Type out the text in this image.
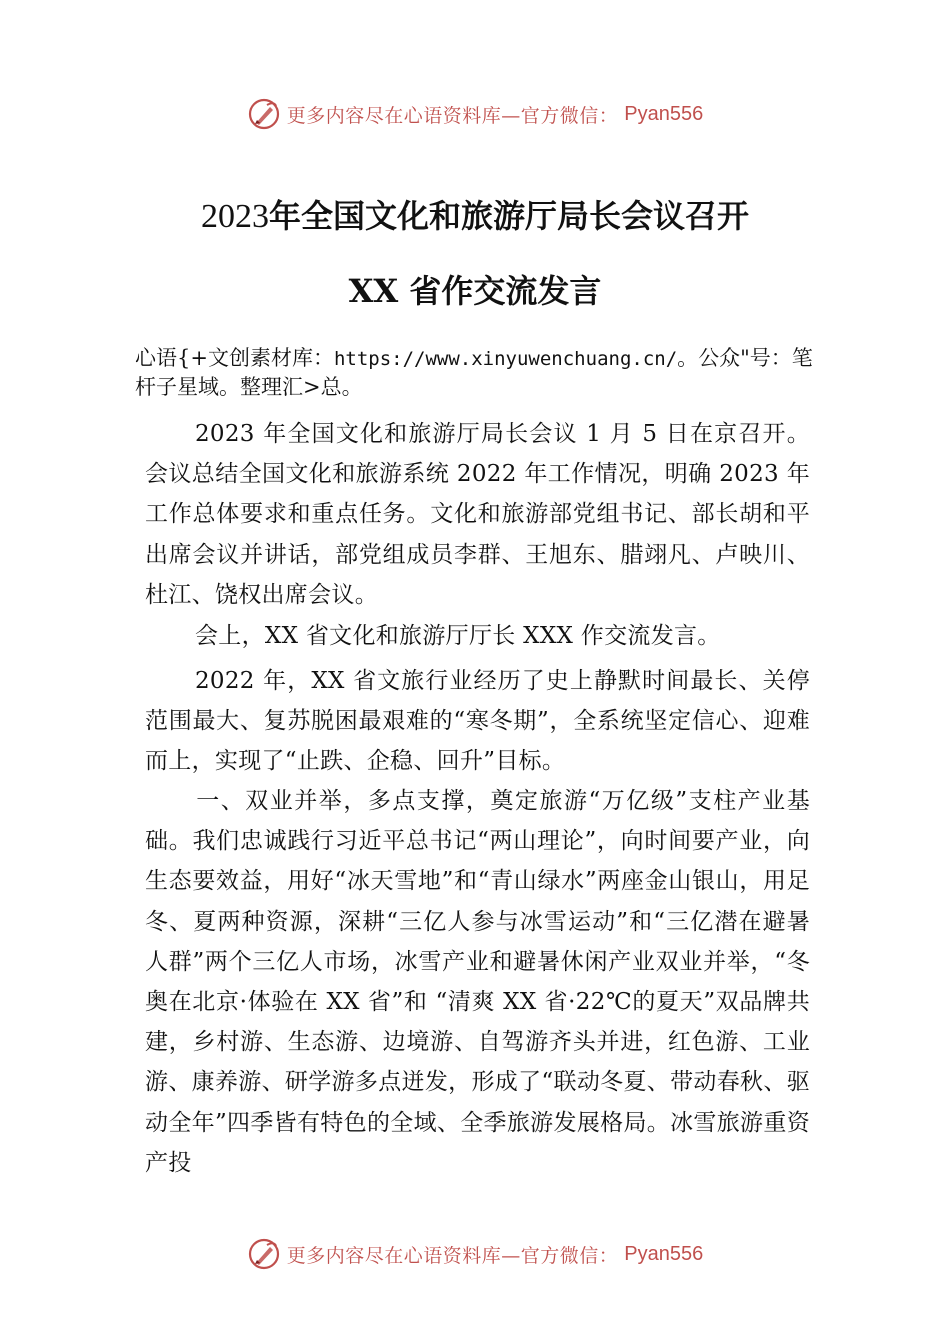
更多内容尽在心语资料库—官方微信： Pyan556
2023年全国文化和旅游厅局长会议召开
XX 省作交流发言
心语{+文创素材库：https://www.xinyuwenchuang.cn/。公众"号：笔杆子星域。整理汇>总。
2023 年全国文化和旅游厅局长会议 1 月 5 日在京召开。会议总结全国文化和旅游系统 2022 年工作情况，明确 2023 年工作总体要求和重点任务。文化和旅游部党组书记、部长胡和平出席会议并讲话，部党组成员李群、王旭东、腊翊凡、卢映川、杜江、饶权出席会议。
会上，XX 省文化和旅游厅厅长 XXX 作交流发言。
2022 年，XX 省文旅行业经历了史上静默时间最长、关停范围最大、复苏脱困最艰难的“寒冬期”，全系统坚定信心、迎难而上，实现了“止跌、企稳、回升”目标。
一、双业并举，多点支撑，奠定旅游“万亿级”支柱产业基础。我们忠诚践行习近平总书记“两山理论”，向时间要产业，向生态要效益，用好“冰天雪地”和“青山绿水”两座金山银山，用足冬、夏两种资源，深耕“三亿人参与冰雪运动”和“三亿潜在避暑人群”两个三亿人市场，冰雪产业和避暑休闲产业双业并举，“冬奥在北京·体验在 XX 省”和 “清爽 XX 省·22℃的夏天”双品牌共建，乡村游、生态游、边境游、自驾游齐头并进，红色游、工业游、康养游、研学游多点迸发，形成了“联动冬夏、带动春秋、驱动全年”四季皆有特色的全域、全季旅游发展格局。冰雪旅游重资产投
更多内容尽在心语资料库—官方微信： Pyan556
